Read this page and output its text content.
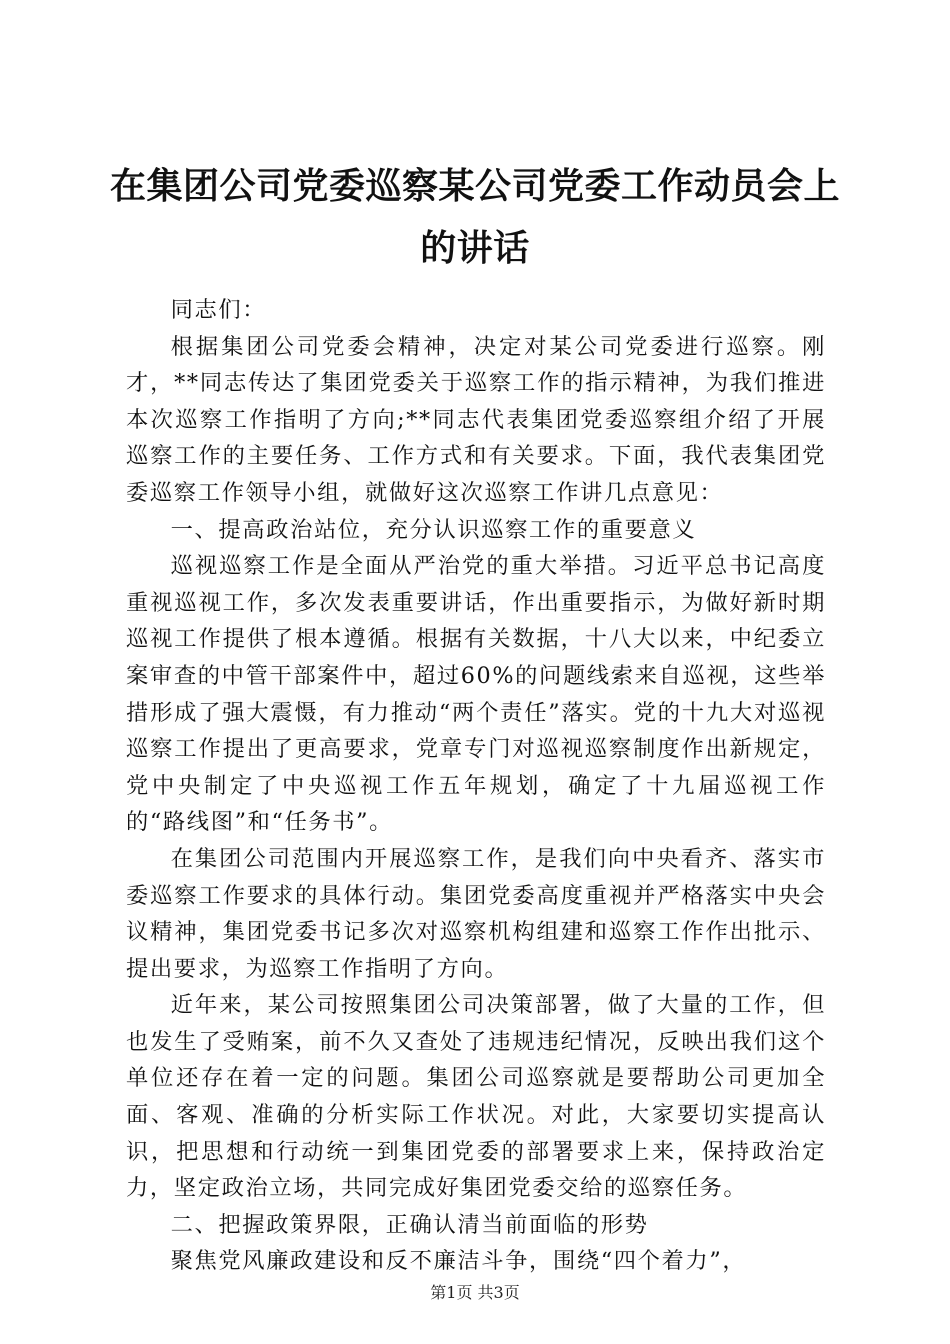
在集团公司党委巡察某公司党委工作动员会上
的讲话

同志们：

根据集团公司党委会精神，决定对某公司党委进行巡察。刚才，**同志传达了集团党委关于巡察工作的指示精神，为我们推进本次巡察工作指明了方向;**同志代表集团党委巡察组介绍了开展巡察工作的主要任务、工作方式和有关要求。下面，我代表集团党委巡察工作领导小组，就做好这次巡察工作讲几点意见：

一、提高政治站位，充分认识巡察工作的重要意义

巡视巡察工作是全面从严治党的重大举措。习近平总书记高度重视巡视工作，多次发表重要讲话，作出重要指示，为做好新时期巡视工作提供了根本遵循。根据有关数据，十八大以来，中纪委立案审查的中管干部案件中，超过60%的问题线索来自巡视，这些举措形成了强大震慑，有力推动“两个责任”落实。党的十九大对巡视巡察工作提出了更高要求，党章专门对巡视巡察制度作出新规定，党中央制定了中央巡视工作五年规划，确定了十九届巡视工作的“路线图”和“任务书”。

在集团公司范围内开展巡察工作，是我们向中央看齐、落实市委巡察工作要求的具体行动。集团党委高度重视并严格落实中央会议精神，集团党委书记多次对巡察机构组建和巡察工作作出批示、提出要求，为巡察工作指明了方向。

近年来，某公司按照集团公司决策部署，做了大量的工作，但也发生了受贿案，前不久又查处了违规违纪情况，反映出我们这个单位还存在着一定的问题。集团公司巡察就是要帮助公司更加全面、客观、准确的分析实际工作状况。对此，大家要切实提高认识，把思想和行动统一到集团党委的部署要求上来，保持政治定力，坚定政治立场，共同完成好集团党委交给的巡察任务。

二、把握政策界限，正确认清当前面临的形势

聚焦党风廉政建设和反不廉洁斗争，围绕“四个着力”，

第1页 共3页
